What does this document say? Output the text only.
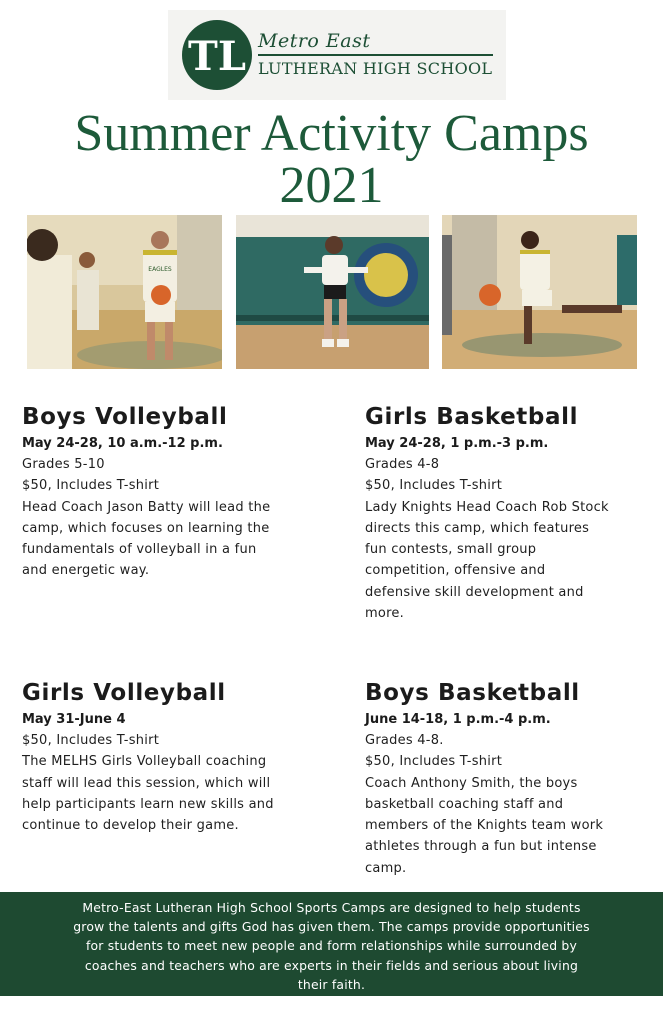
TL Metro East
LUTHERAN HIGH SCHOOL
Summer Activity Camps
2021
EAGLES
Boys Volleyball
May 24-28, 10 a.m.-12 p.m.
Grades 5-10
$50, Includes T-shirt
Head Coach Jason Batty will lead the
camp, which focuses on learning the
fundamentals of volleyball in a fun
and energetic way.
Girls Basketball
May 24-28, 1 p.m.-3 p.m.
Grades 4-8
$50, Includes T-shirt
Lady Knights Head Coach Rob Stock
directs this camp, which features
fun contests, small group
competition, offensive and
defensive skill development and
more.
Girls Volleyball
May 31-June 4
$50, Includes T-shirt
The MELHS Girls Volleyball coaching
staff will lead this session, which will
help participants learn new skills and
continue to develop their game.
Boys Basketball
June 14-18, 1 p.m.-4 p.m.
Grades 4-8.
$50, Includes T-shirt
Coach Anthony Smith, the boys
basketball coaching staff and
members of the Knights team work
athletes through a fun but intense
camp.
Metro-East Lutheran High School Sports Camps are designed to help students
grow the talents and gifts God has given them. The camps provide opportunities
for students to meet new people and form relationships while surrounded by
coaches and teachers who are experts in their fields and serious about living
their faith.
